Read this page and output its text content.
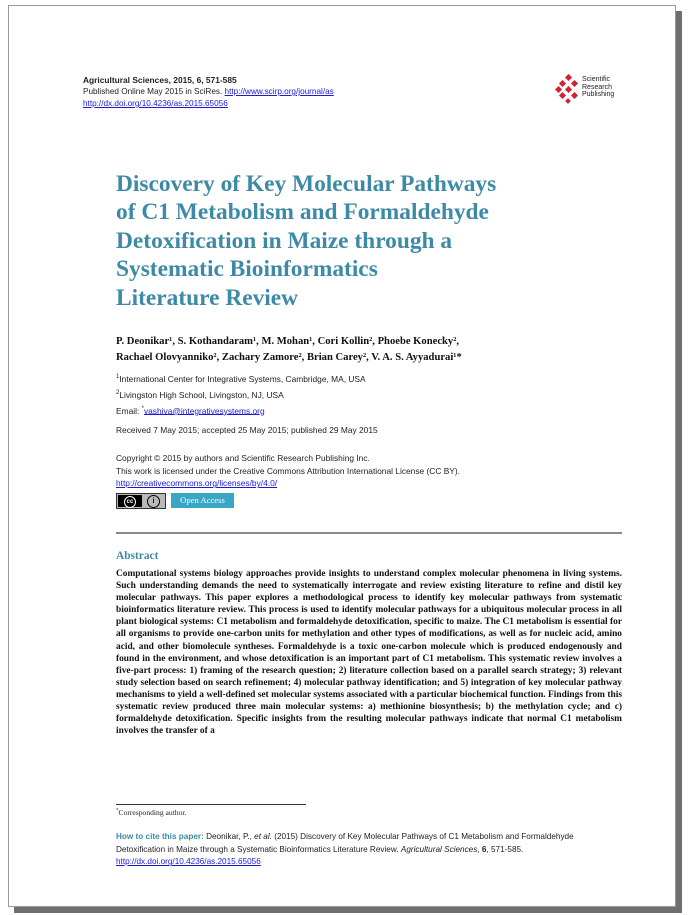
Agricultural Sciences, 2015, 6, 571-585
Published Online May 2015 in SciRes. http://www.scirp.org/journal/as
http://dx.doi.org/10.4236/as.2015.65056
Scientific
Research
Publishing
Discovery of Key Molecular Pathways
of C1 Metabolism and Formaldehyde
Detoxification in Maize through a
Systematic Bioinformatics
Literature Review
P. Deonikar¹, S. Kothandaram¹, M. Mohan¹, Cori Kollin², Phoebe Konecky²,
Rachael Olovyanniko², Zachary Zamore², Brian Carey², V. A. S. Ayyadurai¹*
$^1$International Center for Integrative Systems, Cambridge, MA, USA
$^2$Livingston High School, Livingston, NJ, USA
Email: *vashiva@integrativesystems.org
Received 7 May 2015; accepted 25 May 2015; published 29 May 2015
Copyright © 2015 by authors and Scientific Research Publishing Inc.
This work is licensed under the Creative Commons Attribution International License (CC BY).
http://creativecommons.org/licenses/by/4.0/
cc	i	Open Access
Abstract
Computational systems biology approaches provide insights to understand complex molecular phenomena in living systems. Such understanding demands the need to systematically interrogate and review existing literature to refine and distil key molecular pathways. This paper explores a methodological process to identify key molecular pathways from systematic bioinformatics literature review. This process is used to identify molecular pathways for a ubiquitous molecular process in all plant biological systems: C1 metabolism and formaldehyde detoxification, specific to maize. The C1 metabolism is essential for all organisms to provide one-carbon units for methylation and other types of modifications, as well as for nucleic acid, amino acid, and other biomolecule syntheses. Formaldehyde is a toxic one-carbon molecule which is produced endogenously and found in the environment, and whose detoxification is an important part of C1 metabolism. This systematic review involves a five-part process: 1) framing of the research question; 2) literature collection based on a parallel search strategy; 3) relevant study selection based on search refinement; 4) molecular pathway identification; and 5) integration of key molecular pathway mechanisms to yield a well-defined set molecular systems associated with a particular biochemical function. Findings from this systematic review produced three main molecular systems: a) methionine biosynthesis; b) the methylation cycle; and c) formaldehyde detoxification. Specific insights from the resulting molecular pathways indicate that normal C1 metabolism involves the transfer of a
*Corresponding author.
How to cite this paper: Deonikar, P., et al. (2015) Discovery of Key Molecular Pathways of C1 Metabolism and Formaldehyde Detoxification in Maize through a Systematic Bioinformatics Literature Review. Agricultural Sciences, 6, 571-585.
http://dx.doi.org/10.4236/as.2015.65056
